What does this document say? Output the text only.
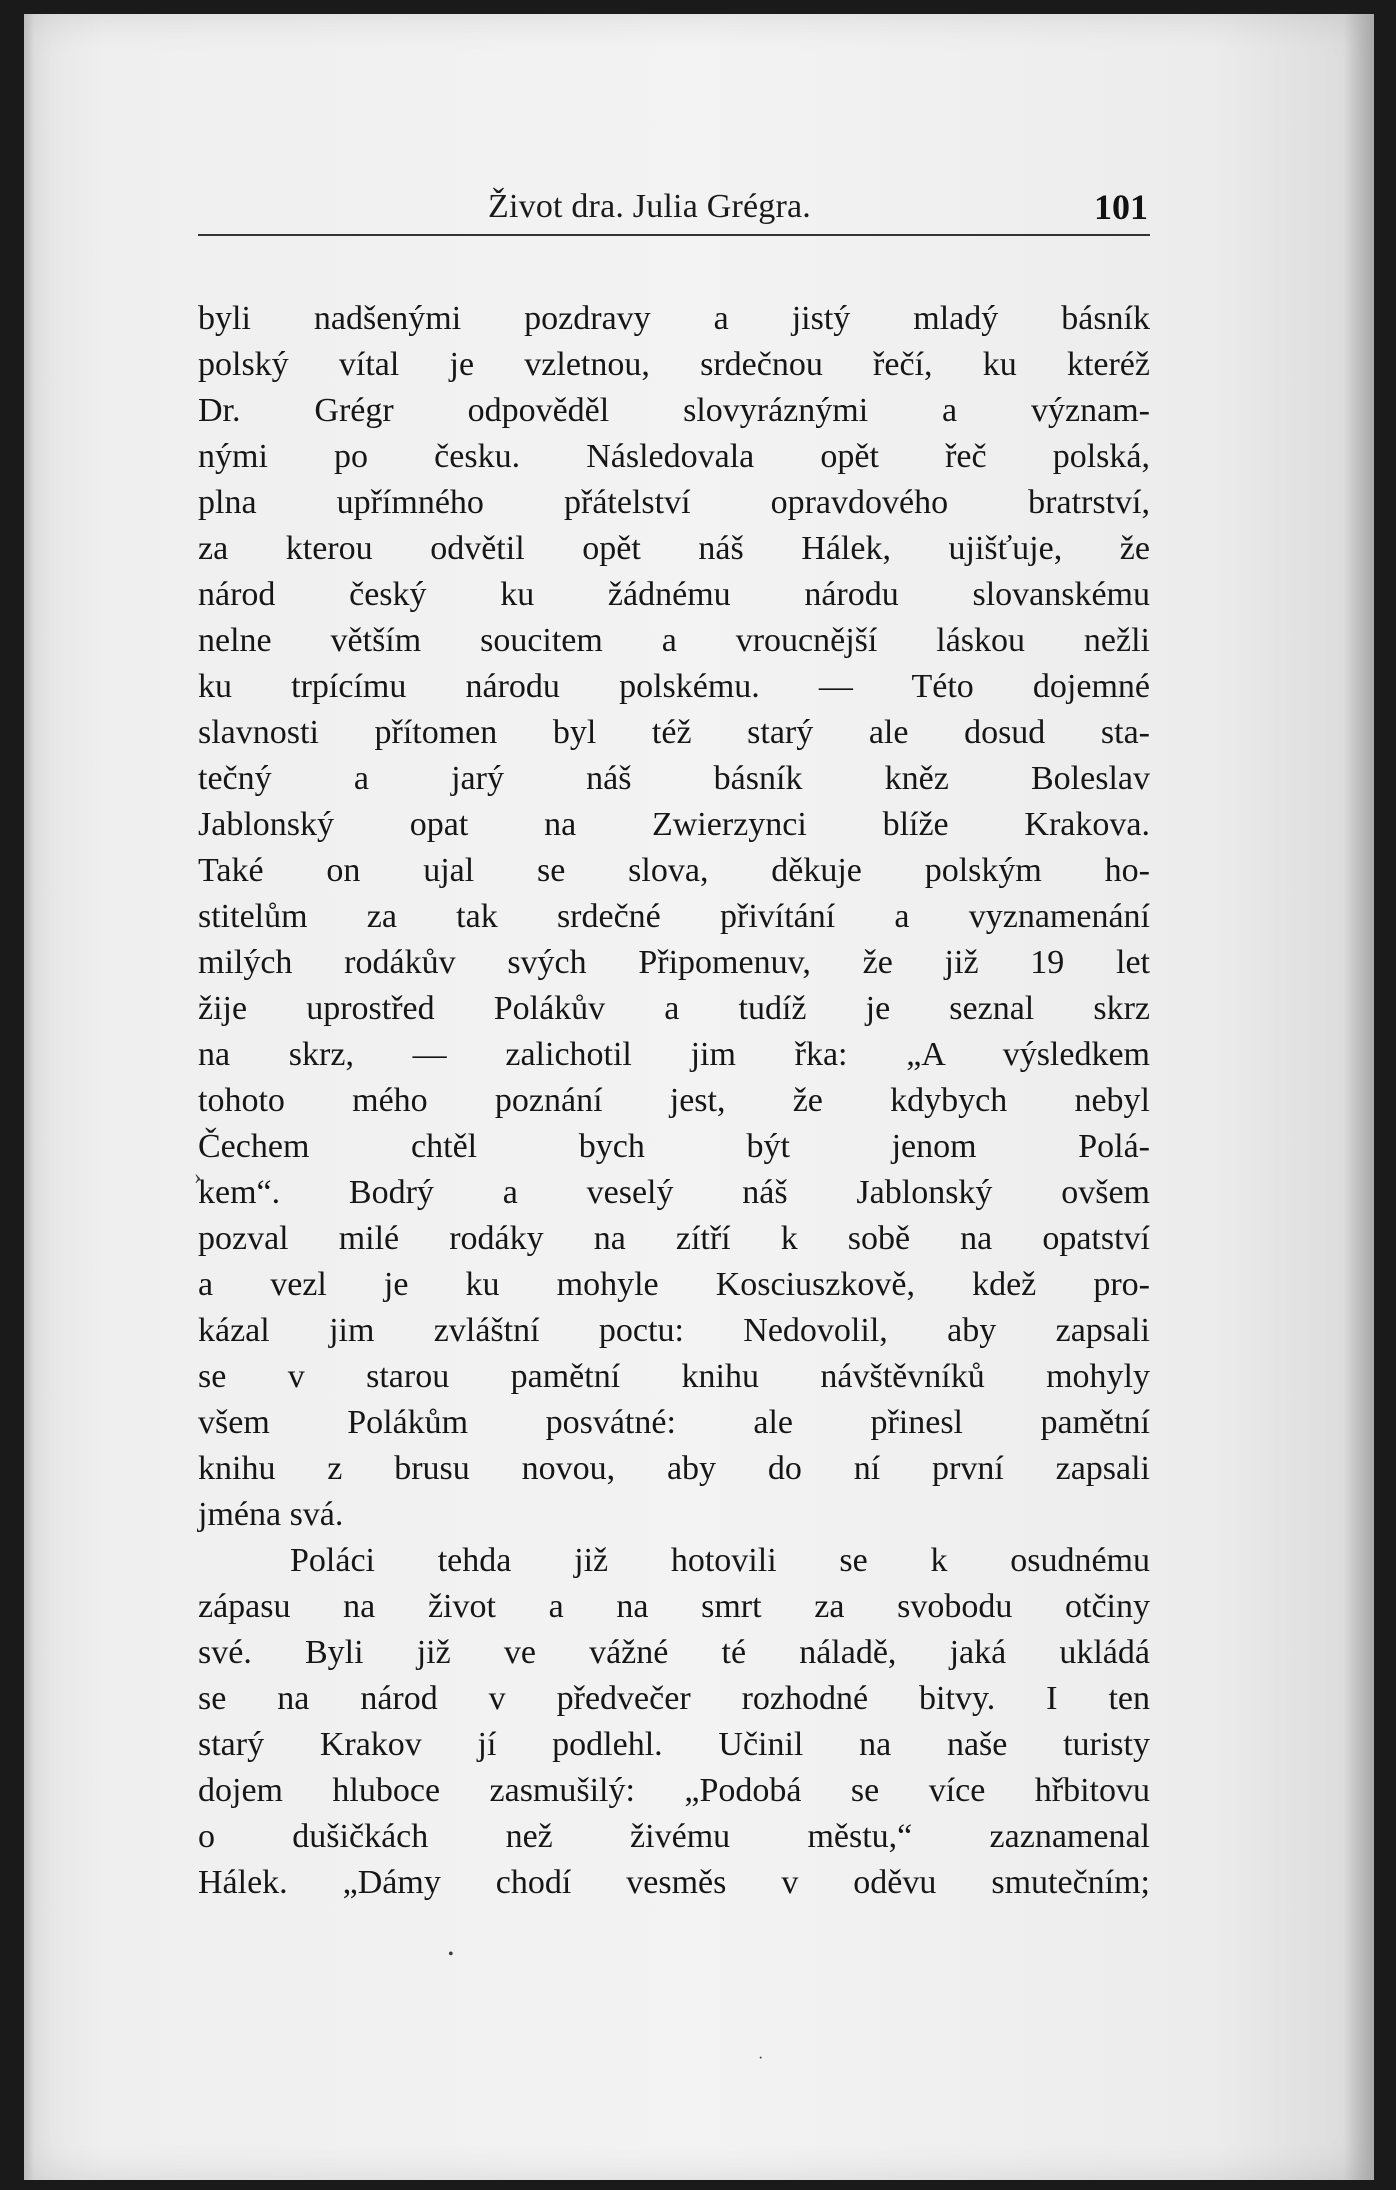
Život dra. Julia Grégra.	101
byli nadšenými pozdravy a jistý mladý básník
polský vítal je vzletnou, srdečnou řečí, ku kteréž
Dr. Grégr odpověděl slovyráznými a význam-
nými po česku. Následovala opět řeč polská,
plna upřímného přátelství opravdového bratrství,
za kterou odvětil opět náš Hálek, ujišťuje, že
národ český ku žádnému národu slovanskému
nelne větším soucitem a vroucnější láskou nežli
ku trpícímu národu polskému. — Této dojemné
slavnosti přítomen byl též starý ale dosud sta-
tečný a jarý náš básník kněz Boleslav
Jablonský opat na Zwierzynci blíže Krakova.
Také on ujal se slova, děkuje polským ho-
stitelům za tak srdečné přivítání a vyznamenání
milých rodákův svých Připomenuv, že již 19 let
žije uprostřed Polákův a tudíž je seznal skrz
na skrz, — zalichotil jim řka: „A výsledkem
tohoto mého poznání jest, že kdybych nebyl
Čechem chtěl bych být jenom Polá-
kem“. Bodrý a veselý náš Jablonský ovšem
pozval milé rodáky na zítří k sobě na opatství
a vezl je ku mohyle Kosciuszkově, kdež pro-
kázal jim zvláštní poctu: Nedovolil, aby zapsali
se v starou pamětní knihu návštěvníků mohyly
všem Polákům posvátné: ale přinesl pamětní
knihu z brusu novou, aby do ní první zapsali
jména svá.
Poláci tehda již hotovili se k osudnému
zápasu na život a na smrt za svobodu otčiny
své. Byli již ve vážné té náladě, jaká ukládá
se na národ v předvečer rozhodné bitvy. I ten
starý Krakov jí podlehl. Učinil na naše turisty
dojem hluboce zasmušilý: „Podobá se více hřbitovu
o dušičkách než živému městu,“ zaznamenal
Hálek. „Dámy chodí vesměs v oděvu smutečním;
›
•
·
